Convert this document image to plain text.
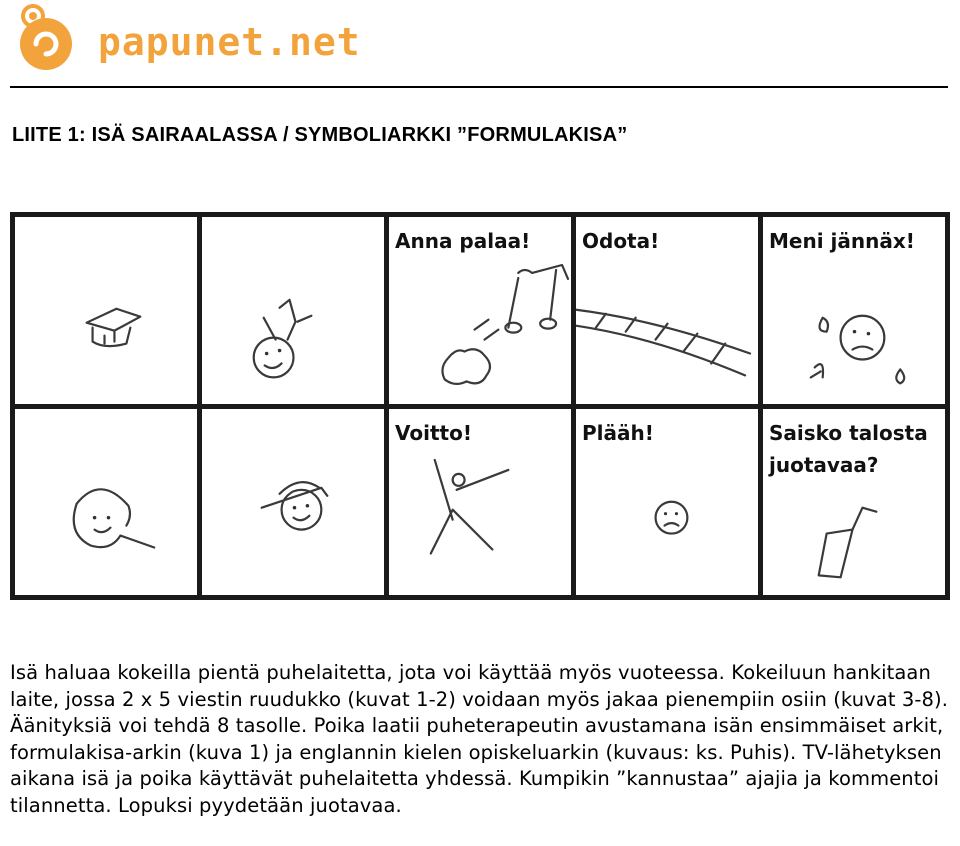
papunet.net
LIITE 1: ISÄ SAIRAALASSA / SYMBOLIARKKI ”FORMULAKISA”
Anna palaa!	Odota!	Meni jännäx!
Voitto!	Plääh!	Saisko talosta
juotavaa?

Isä haluaa kokeilla pientä puhelaitetta, jota voi käyttää myös vuoteessa. Kokeiluun hankitaan laite, jossa 2 x 5 viestin ruudukko (kuvat 1-2) voidaan myös jakaa pienempiin osiin (kuvat 3-8). Äänityksiä voi tehdä 8 tasolle. Poika laatii puheterapeutin avustamana isän ensimmäiset arkit, formulakisa-arkin (kuva 1) ja englannin kielen opiskeluarkin (kuvaus: ks. Puhis). TV-lähetyksen aikana isä ja poika käyttävät puhelaitetta yhdessä. Kumpikin ”kannustaa” ajajia ja kommentoi tilannetta. Lopuksi pyydetään juotavaa.
